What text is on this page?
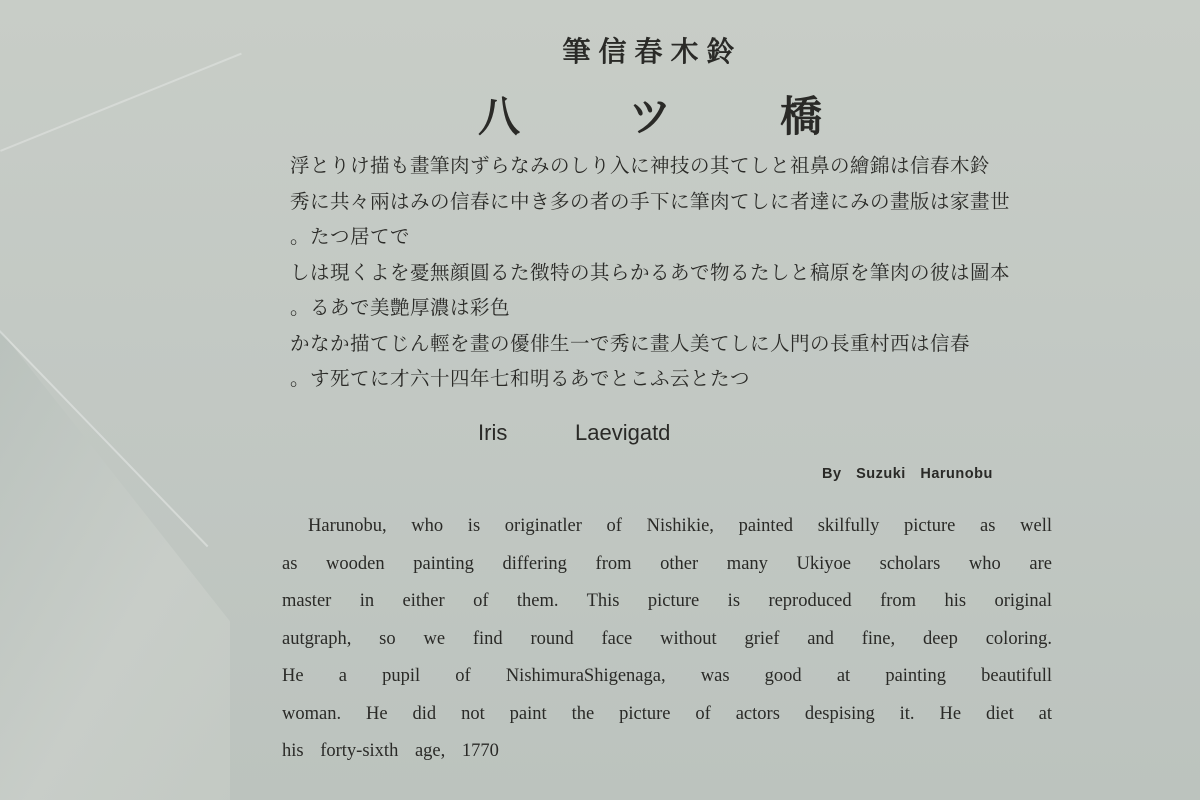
筆信春木鈴
八 ツ 橋
浮とりけ描も畫筆肉ずらなみのしり入に神技の其てしと祖鼻の繪錦は信春木鈴
秀に共々兩はみの信春に中き多の者の手下に筆肉てしに者達にみの畫版は家畫世
。たつ居てで
しは現くよを憂無顔圓るた徴特の其らかるあで物るたしと稿原を筆肉の彼は圖本
。るあで美艶厚濃は彩色
かなか描てじん輕を畫の優俳生一で秀に畫人美てしに人門の長重村西は信春
。す死てに才六十四年七和明るあでとこふ云とたつ
Iris	Laevigatd
By Suzuki Harunobu
Harunobu, who is originatler of Nishikie, painted skilfully picture as well
as wooden painting differing from other many Ukiyoe scholars who are
master in either of them. This picture is reproduced from his original
autgraph, so we find round face without grief and fine, deep coloring.
He a pupil of NishimuraShigenaga, was good at painting beautifull
woman. He did not paint the picture of actors despising it. He diet at
his forty-sixth age, 1770
